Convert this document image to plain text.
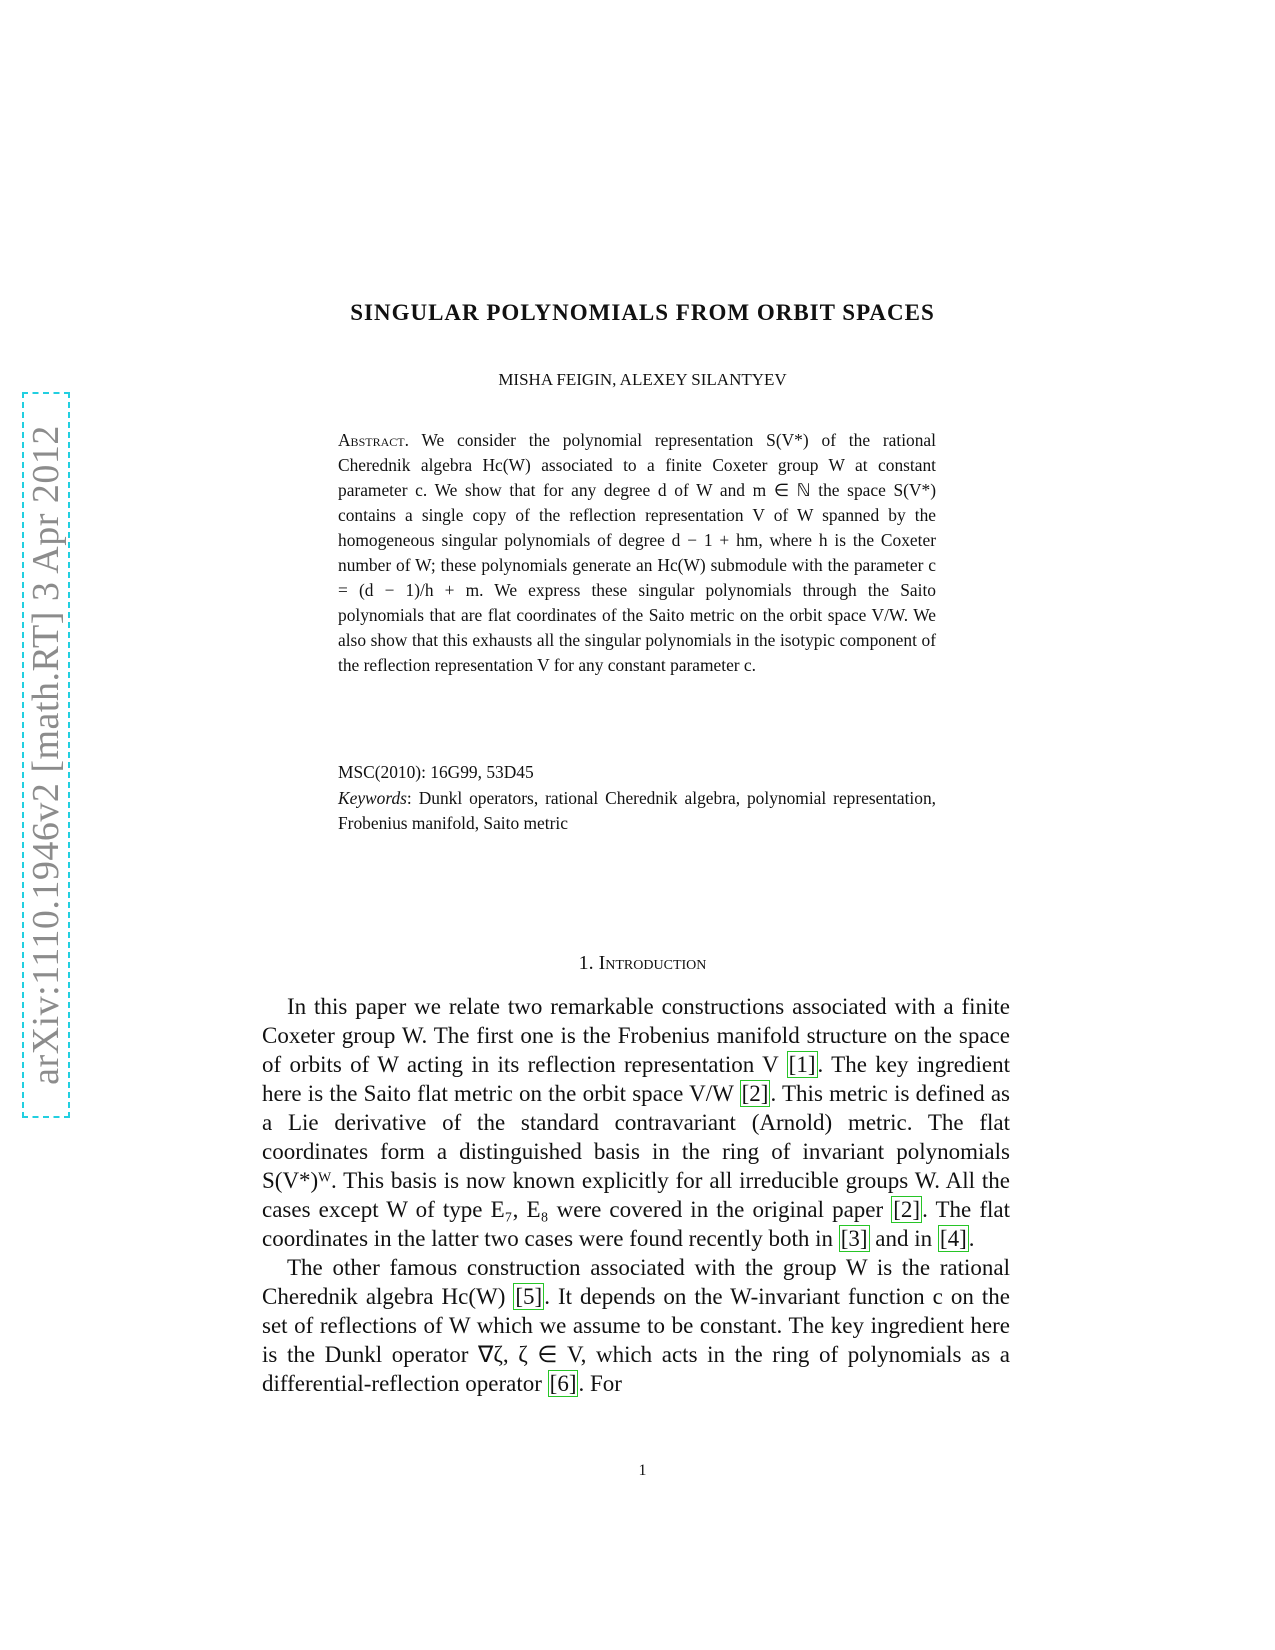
arXiv:1110.1946v2 [math.RT] 3 Apr 2012
SINGULAR POLYNOMIALS FROM ORBIT SPACES
MISHA FEIGIN, ALEXEY SILANTYEV
Abstract. We consider the polynomial representation S(V*) of the rational Cherednik algebra Hc(W) associated to a finite Coxeter group W at constant parameter c. We show that for any degree d of W and m ∈ ℕ the space S(V*) contains a single copy of the reflection representation V of W spanned by the homogeneous singular polynomials of degree d − 1 + hm, where h is the Coxeter number of W; these polynomials generate an Hc(W) submodule with the parameter c = (d − 1)/h + m. We express these singular polynomials through the Saito polynomials that are flat coordinates of the Saito metric on the orbit space V/W. We also show that this exhausts all the singular polynomials in the isotypic component of the reflection representation V for any constant parameter c.
MSC(2010): 16G99, 53D45
Keywords: Dunkl operators, rational Cherednik algebra, polynomial representation, Frobenius manifold, Saito metric
1. Introduction

In this paper we relate two remarkable constructions associated with a finite Coxeter group W. The first one is the Frobenius manifold structure on the space of orbits of W acting in its reflection representation V [1]. The key ingredient here is the Saito flat metric on the orbit space V/W [2]. This metric is defined as a Lie derivative of the standard contravariant (Arnold) metric. The flat coordinates form a distinguished basis in the ring of invariant polynomials S(V*)ᵂ. This basis is now known explicitly for all irreducible groups W. All the cases except W of type E₇, E₈ were covered in the original paper [2]. The flat coordinates in the latter two cases were found recently both in [3] and in [4].

The other famous construction associated with the group W is the rational Cherednik algebra Hc(W) [5]. It depends on the W-invariant function c on the set of reflections of W which we assume to be constant. The key ingredient here is the Dunkl operator ∇ζ, ζ ∈ V, which acts in the ring of polynomials as a differential-reflection operator [6]. For

1
